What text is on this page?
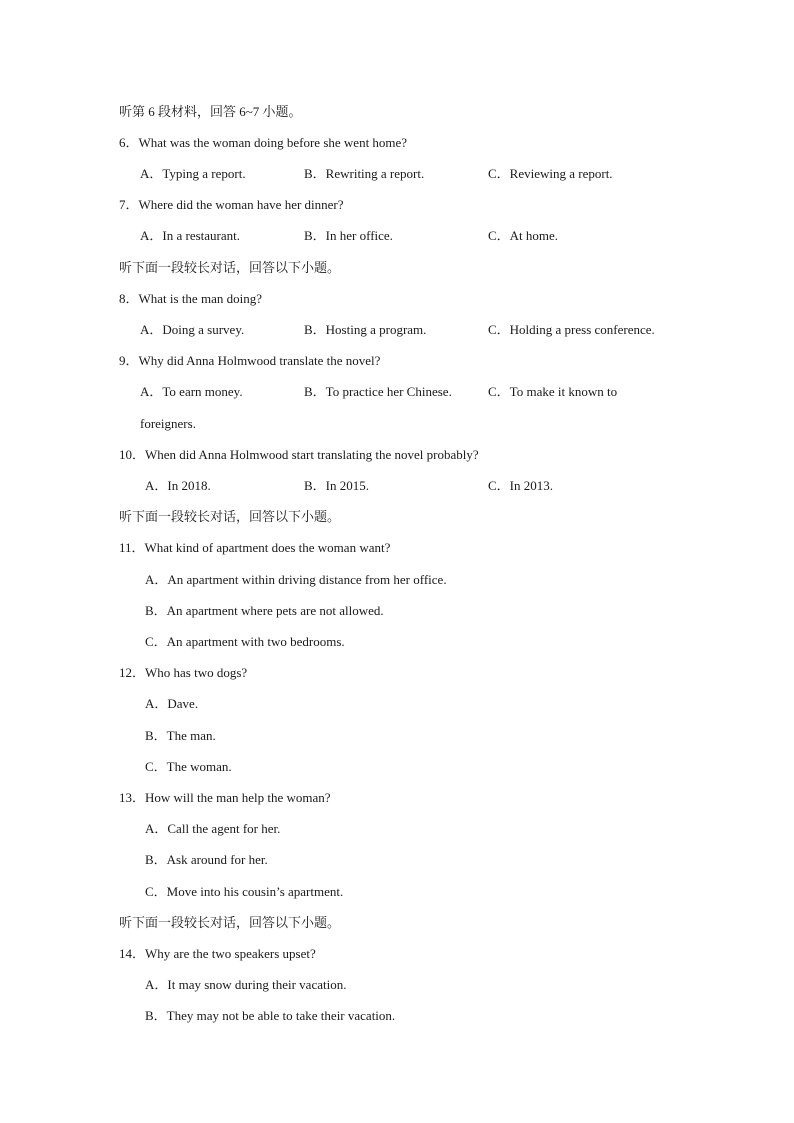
听第 6 段材料，回答 6~7 小题。
6．What was the woman doing before she went home?
A．Typing a report.	B．Rewriting a report.	C．Reviewing a report.
7．Where did the woman have her dinner?
A．In a restaurant.	B．In her office.	C．At home.
听下面一段较长对话，回答以下小题。
8．What is the man doing?
A．Doing a survey.	B．Hosting a program.	C．Holding a press conference.
9．Why did Anna Holmwood translate the novel?
A．To earn money.	B．To practice her Chinese.	C．To make it known to
foreigners.
10．When did Anna Holmwood start translating the novel probably?
A．In 2018.	B．In 2015.	C．In 2013.
听下面一段较长对话，回答以下小题。
11．What kind of apartment does the woman want?
A．An apartment within driving distance from her office.
B．An apartment where pets are not allowed.
C．An apartment with two bedrooms.
12．Who has two dogs?
A．Dave.
B．The man.
C．The woman.
13．How will the man help the woman?
A．Call the agent for her.
B．Ask around for her.
C．Move into his cousin’s apartment.
听下面一段较长对话，回答以下小题。
14．Why are the two speakers upset?
A．It may snow during their vacation.
B．They may not be able to take their vacation.
